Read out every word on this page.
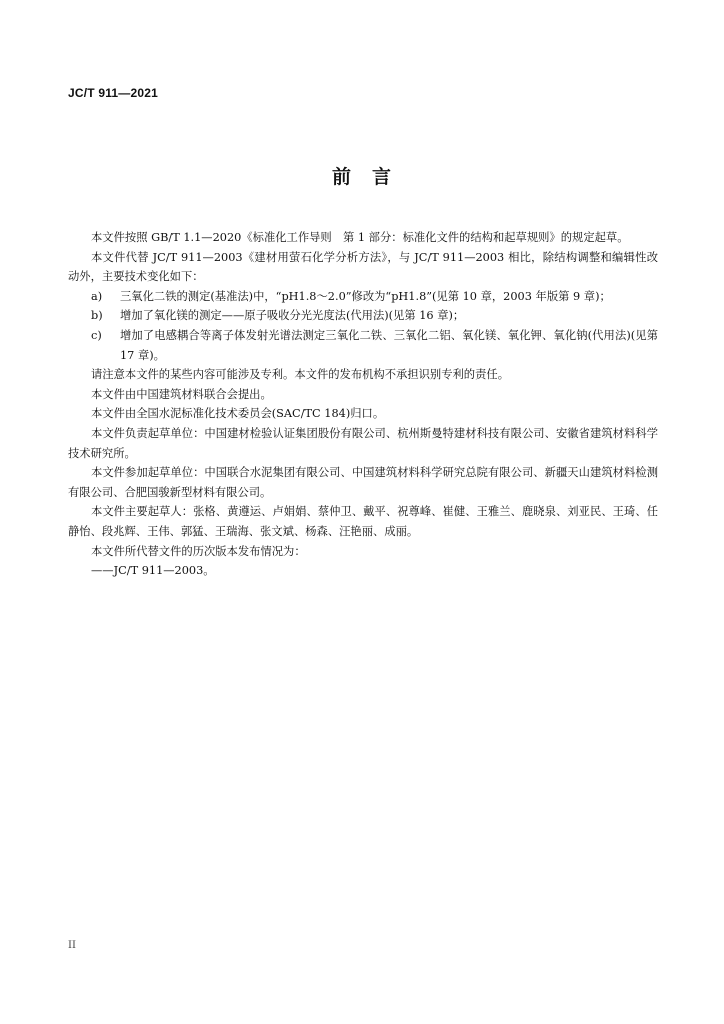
JC/T 911—2021
前　言

本文件按照 GB/T 1.1—2020《标准化工作导则　第 1 部分：标准化文件的结构和起草规则》的规定起草。

本文件代替 JC/T 911—2003《建材用萤石化学分析方法》，与 JC/T 911—2003 相比，除结构调整和编辑性改动外，主要技术变化如下：

a) 三氧化二铁的测定(基准法)中，“pH1.8～2.0”修改为“pH1.8”(见第 10 章，2003 年版第 9 章)；
b) 增加了氧化镁的测定——原子吸收分光光度法(代用法)(见第 16 章)；
c) 增加了电感耦合等离子体发射光谱法测定三氧化二铁、三氧化二铝、氧化镁、氧化钾、氧化钠(代用法)(见第 17 章)。

请注意本文件的某些内容可能涉及专利。本文件的发布机构不承担识别专利的责任。

本文件由中国建筑材料联合会提出。

本文件由全国水泥标准化技术委员会(SAC/TC 184)归口。

本文件负责起草单位：中国建材检验认证集团股份有限公司、杭州斯曼特建材科技有限公司、安徽省建筑材料科学技术研究所。

本文件参加起草单位：中国联合水泥集团有限公司、中国建筑材料科学研究总院有限公司、新疆天山建筑材料检测有限公司、合肥国骏新型材料有限公司。

本文件主要起草人：张格、黄遵运、卢娟娟、蔡仲卫、戴平、祝尊峰、崔健、王雅兰、鹿晓泉、刘亚民、王琦、任静怡、段兆辉、王伟、郭猛、王瑞海、张文斌、杨森、汪艳丽、成丽。

本文件所代替文件的历次版本发布情况为：

——JC/T 911—2003。

II
